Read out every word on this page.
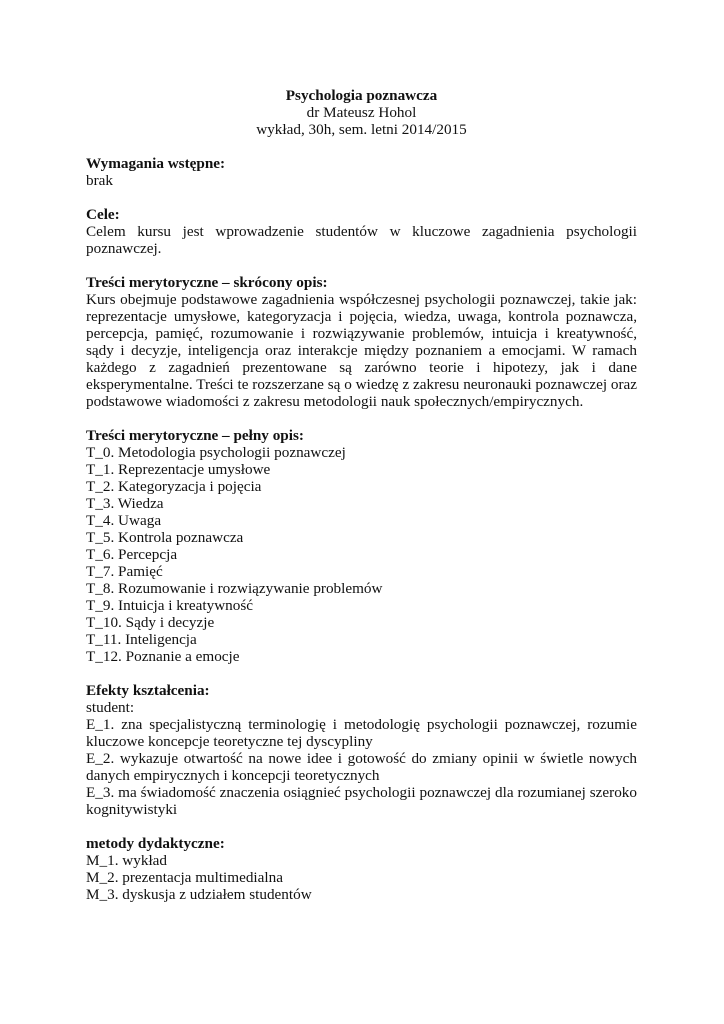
Psychologia poznawcza
dr Mateusz Hohol
wykład, 30h, sem. letni 2014/2015
Wymagania wstępne:
brak
Cele:
Celem kursu jest wprowadzenie studentów w kluczowe zagadnienia psychologii poznawczej.
Treści merytoryczne – skrócony opis:
Kurs obejmuje podstawowe zagadnienia współczesnej psychologii poznawczej, takie jak: reprezentacje umysłowe, kategoryzacja i pojęcia, wiedza, uwaga, kontrola poznawcza, percepcja, pamięć, rozumowanie i rozwiązywanie problemów, intuicja i kreatywność, sądy i decyzje, inteligencja oraz interakcje między poznaniem a emocjami. W ramach każdego z zagadnień prezentowane są zarówno teorie i hipotezy, jak i dane eksperymentalne. Treści te rozszerzane są o wiedzę z zakresu neuronauki poznawczej oraz podstawowe wiadomości z zakresu metodologii nauk społecznych/empirycznych.
Treści merytoryczne – pełny opis:
T_0. Metodologia psychologii poznawczej
T_1. Reprezentacje umysłowe
T_2. Kategoryzacja i pojęcia
T_3. Wiedza
T_4. Uwaga
T_5. Kontrola poznawcza
T_6. Percepcja
T_7. Pamięć
T_8. Rozumowanie i rozwiązywanie problemów
T_9. Intuicja i kreatywność
T_10. Sądy i decyzje
T_11. Inteligencja
T_12. Poznanie a emocje
Efekty kształcenia:
student:
E_1. zna specjalistyczną terminologię i metodologię psychologii poznawczej, rozumie kluczowe koncepcje teoretyczne tej dyscypliny
E_2. wykazuje otwartość na nowe idee i gotowość do zmiany opinii w świetle nowych danych empirycznych i koncepcji teoretycznych
E_3. ma świadomość znaczenia osiągnieć psychologii poznawczej dla rozumianej szeroko kognitywistyki
metody dydaktyczne:
M_1. wykład
M_2. prezentacja multimedialna
M_3. dyskusja z udziałem studentów
